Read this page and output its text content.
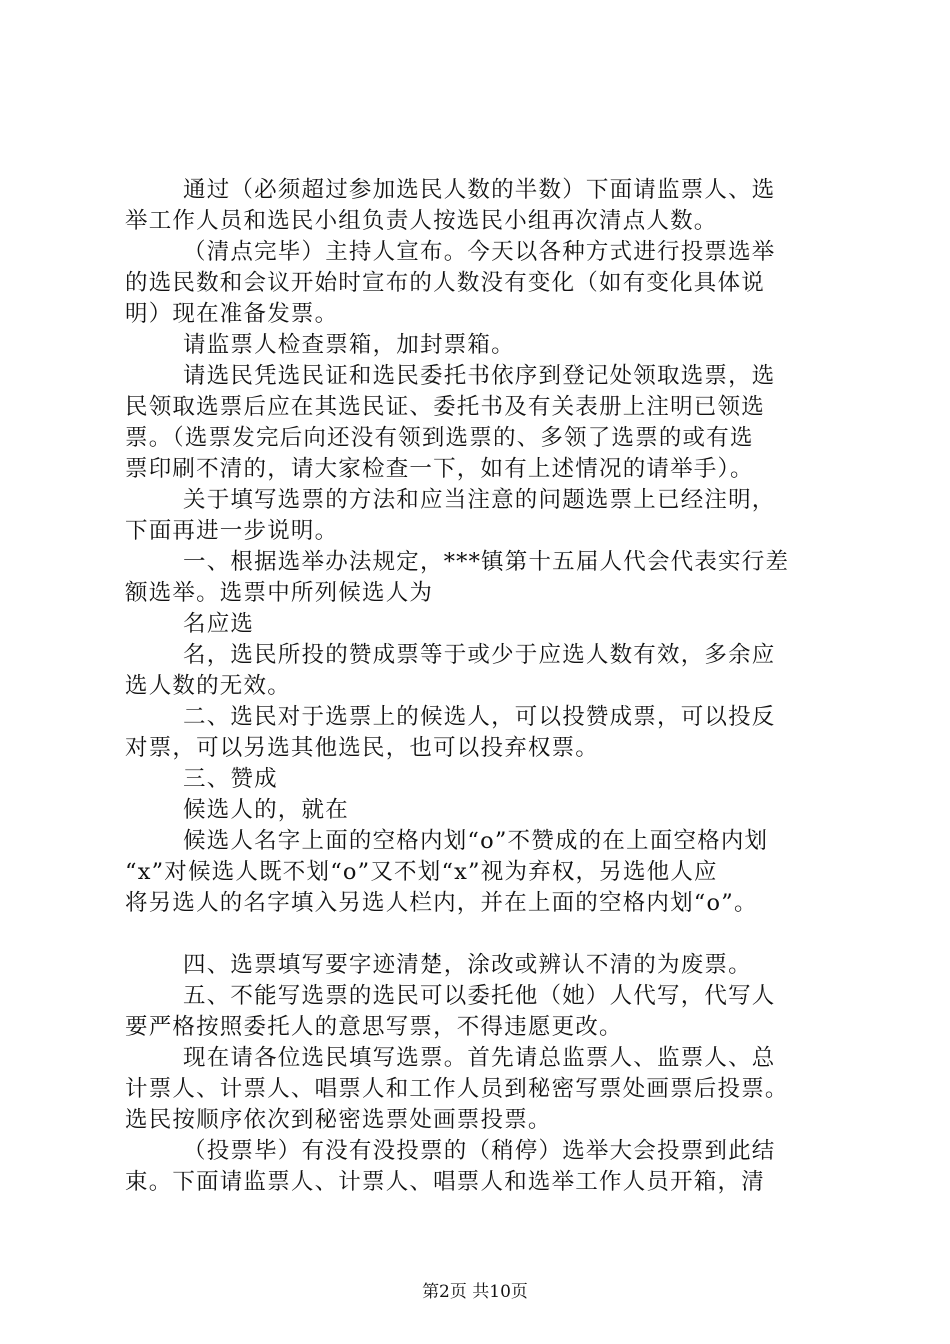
通过（必须超过参加选民人数的半数）下面请监票人、选
举工作人员和选民小组负责人按选民小组再次清点人数。
（清点完毕）主持人宣布。今天以各种方式进行投票选举
的选民数和会议开始时宣布的人数没有变化（如有变化具体说
明）现在准备发票。
请监票人检查票箱，加封票箱。
请选民凭选民证和选民委托书依序到登记处领取选票，选
民领取选票后应在其选民证、委托书及有关表册上注明已领选
票。（选票发完后向还没有领到选票的、多领了选票的或有选
票印刷不清的，请大家检查一下，如有上述情况的请举手）。
关于填写选票的方法和应当注意的问题选票上已经注明，
下面再进一步说明。
一、根据选举办法规定，***镇第十五届人代会代表实行差
额选举。选票中所列候选人为
名应选
名，选民所投的赞成票等于或少于应选人数有效，多余应
选人数的无效。
二、选民对于选票上的候选人，可以投赞成票，可以投反
对票，可以另选其他选民，也可以投弃权票。
三、赞成
候选人的，就在
候选人名字上面的空格内划“o”不赞成的在上面空格内划
“x”对候选人既不划“o”又不划“x”视为弃权，另选他人应
将另选人的名字填入另选人栏内，并在上面的空格内划“o”。
四、选票填写要字迹清楚，涂改或辨认不清的为废票。
五、不能写选票的选民可以委托他（她）人代写，代写人
要严格按照委托人的意思写票，不得违愿更改。
现在请各位选民填写选票。首先请总监票人、监票人、总
计票人、计票人、唱票人和工作人员到秘密写票处画票后投票。
选民按顺序依次到秘密选票处画票投票。
（投票毕）有没有没投票的（稍停）选举大会投票到此结
束。下面请监票人、计票人、唱票人和选举工作人员开箱，清
第2页 共10页
